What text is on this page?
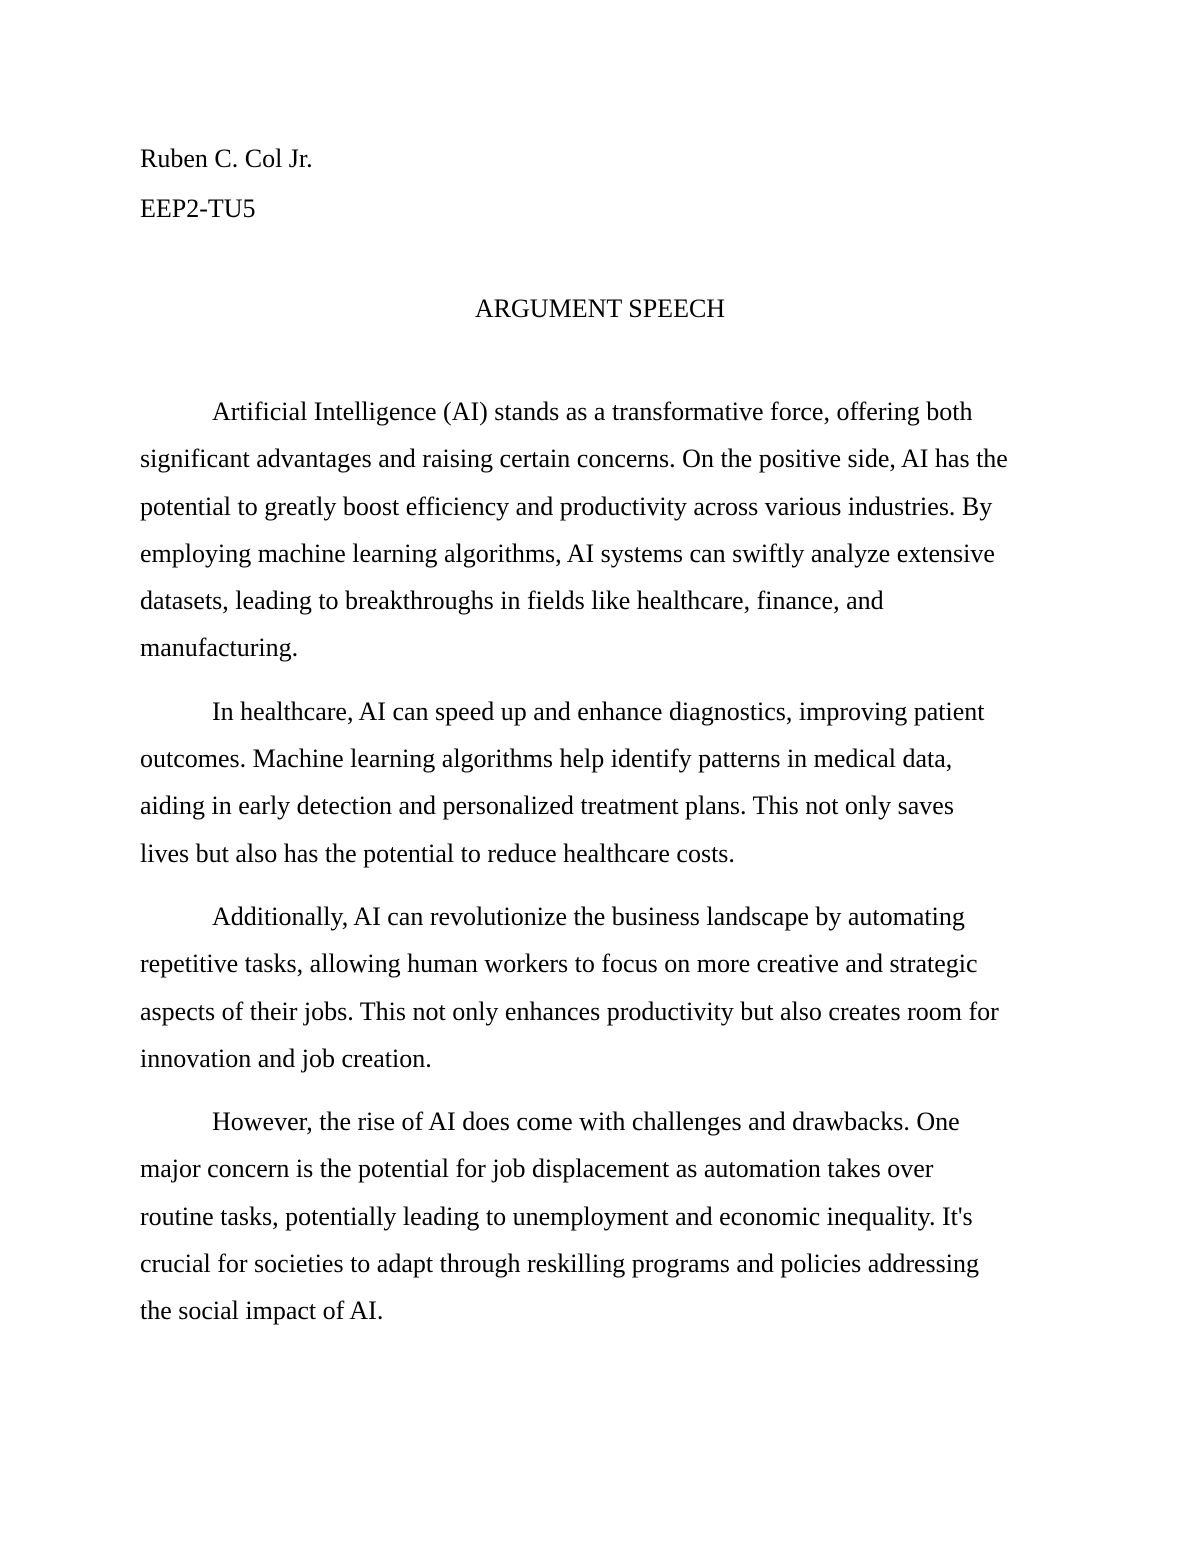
Ruben C. Col Jr.
EEP2-TU5
ARGUMENT SPEECH

Artificial Intelligence (AI) stands as a transformative force, offering both
significant advantages and raising certain concerns. On the positive side, AI has the
potential to greatly boost efficiency and productivity across various industries. By
employing machine learning algorithms, AI systems can swiftly analyze extensive
datasets, leading to breakthroughs in fields like healthcare, finance, and
manufacturing.

In healthcare, AI can speed up and enhance diagnostics, improving patient
outcomes. Machine learning algorithms help identify patterns in medical data,
aiding in early detection and personalized treatment plans. This not only saves
lives but also has the potential to reduce healthcare costs.

Additionally, AI can revolutionize the business landscape by automating
repetitive tasks, allowing human workers to focus on more creative and strategic
aspects of their jobs. This not only enhances productivity but also creates room for
innovation and job creation.

However, the rise of AI does come with challenges and drawbacks. One
major concern is the potential for job displacement as automation takes over
routine tasks, potentially leading to unemployment and economic inequality. It's
crucial for societies to adapt through reskilling programs and policies addressing
the social impact of AI.
